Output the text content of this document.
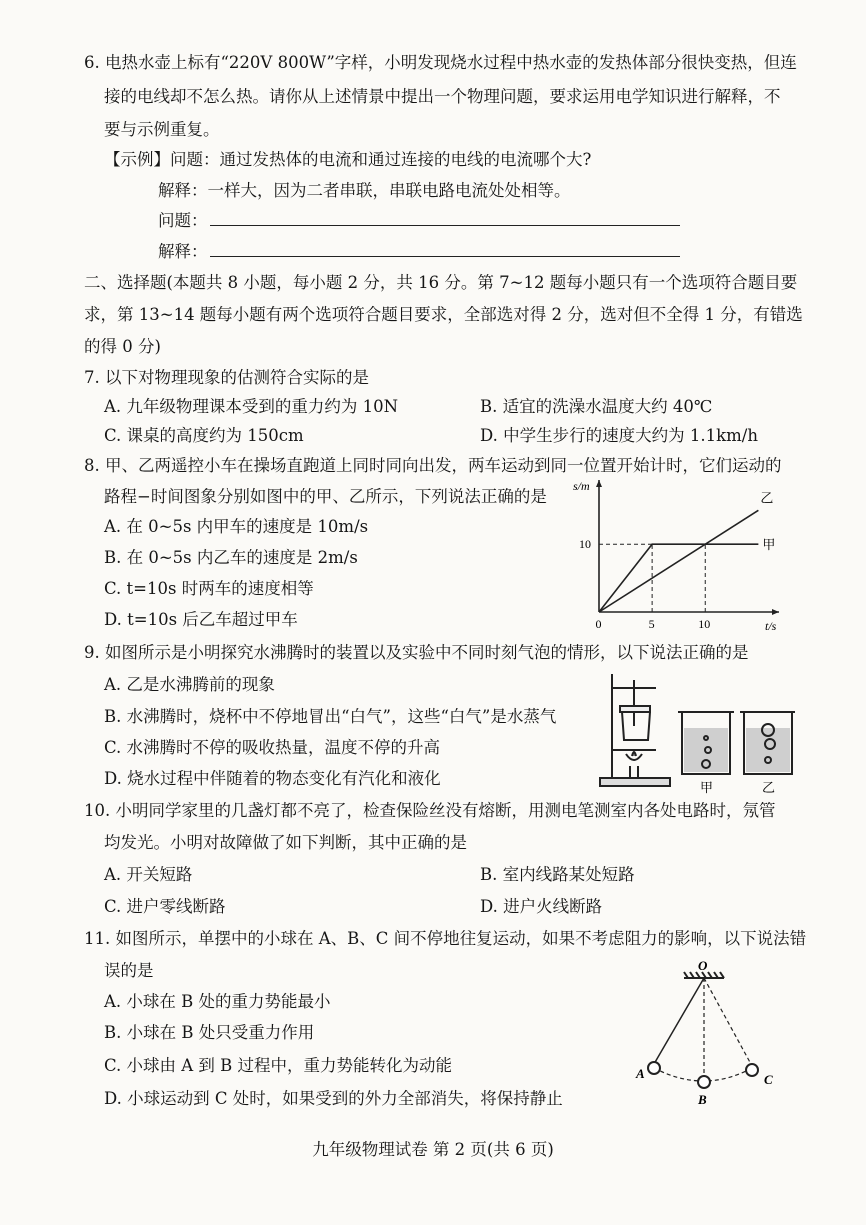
6. 电热水壶上标有“220V 800W”字样，小明发现烧水过程中热水壶的发热体部分很快变热，但连
接的电线却不怎么热。请你从上述情景中提出一个物理问题，要求运用电学知识进行解释，不
要与示例重复。
【示例】问题：通过发热体的电流和通过连接的电线的电流哪个大?
解释：一样大，因为二者串联，串联电路电流处处相等。
问题：
解释：
二、选择题(本题共 8 小题，每小题 2 分，共 16 分。第 7~12 题每小题只有一个选项符合题目要
求，第 13~14 题每小题有两个选项符合题目要求，全部选对得 2 分，选对但不全得 1 分，有错选
的得 0 分)
7. 以下对物理现象的估测符合实际的是
A. 九年级物理课本受到的重力约为 10N	B. 适宜的洗澡水温度大约 40℃
C. 课桌的高度约为 150cm	D. 中学生步行的速度大约为 1.1km/h
8. 甲、乙两遥控小车在操场直跑道上同时同向出发，两车运动到同一位置开始计时，它们运动的
路程−时间图象分别如图中的甲、乙所示，下列说法正确的是
A. 在 0~5s 内甲车的速度是 10m/s
B. 在 0~5s 内乙车的速度是 2m/s
C. t=10s 时两车的速度相等
D. t=10s 后乙车超过甲车	0	5	10
10	甲
乙
s/m
t/s
9. 如图所示是小明探究水沸腾时的装置以及实验中不同时刻气泡的情形，以下说法正确的是
A. 乙是水沸腾前的现象
B. 水沸腾时，烧杯中不停地冒出“白气”，这些“白气”是水蒸气
C. 水沸腾时不停的吸收热量，温度不停的升高
D. 烧水过程中伴随着的物态变化有汽化和液化	甲	乙
10. 小明同学家里的几盏灯都不亮了，检查保险丝没有熔断，用测电笔测室内各处电路时，氖管
均发光。小明对故障做了如下判断，其中正确的是
A. 开关短路	B. 室内线路某处短路
C. 进户零线断路	D. 进户火线断路
11. 如图所示，单摆中的小球在 A、B、C 间不停地往复运动，如果不考虑阻力的影响，以下说法错
误的是
A. 小球在 B 处的重力势能最小
B. 小球在 B 处只受重力作用
C. 小球由 A 到 B 过程中，重力势能转化为动能
D. 小球运动到 C 处时，如果受到的外力全部消失，将保持静止
O
A
B
C
九年级物理试卷 第 2 页(共 6 页)
